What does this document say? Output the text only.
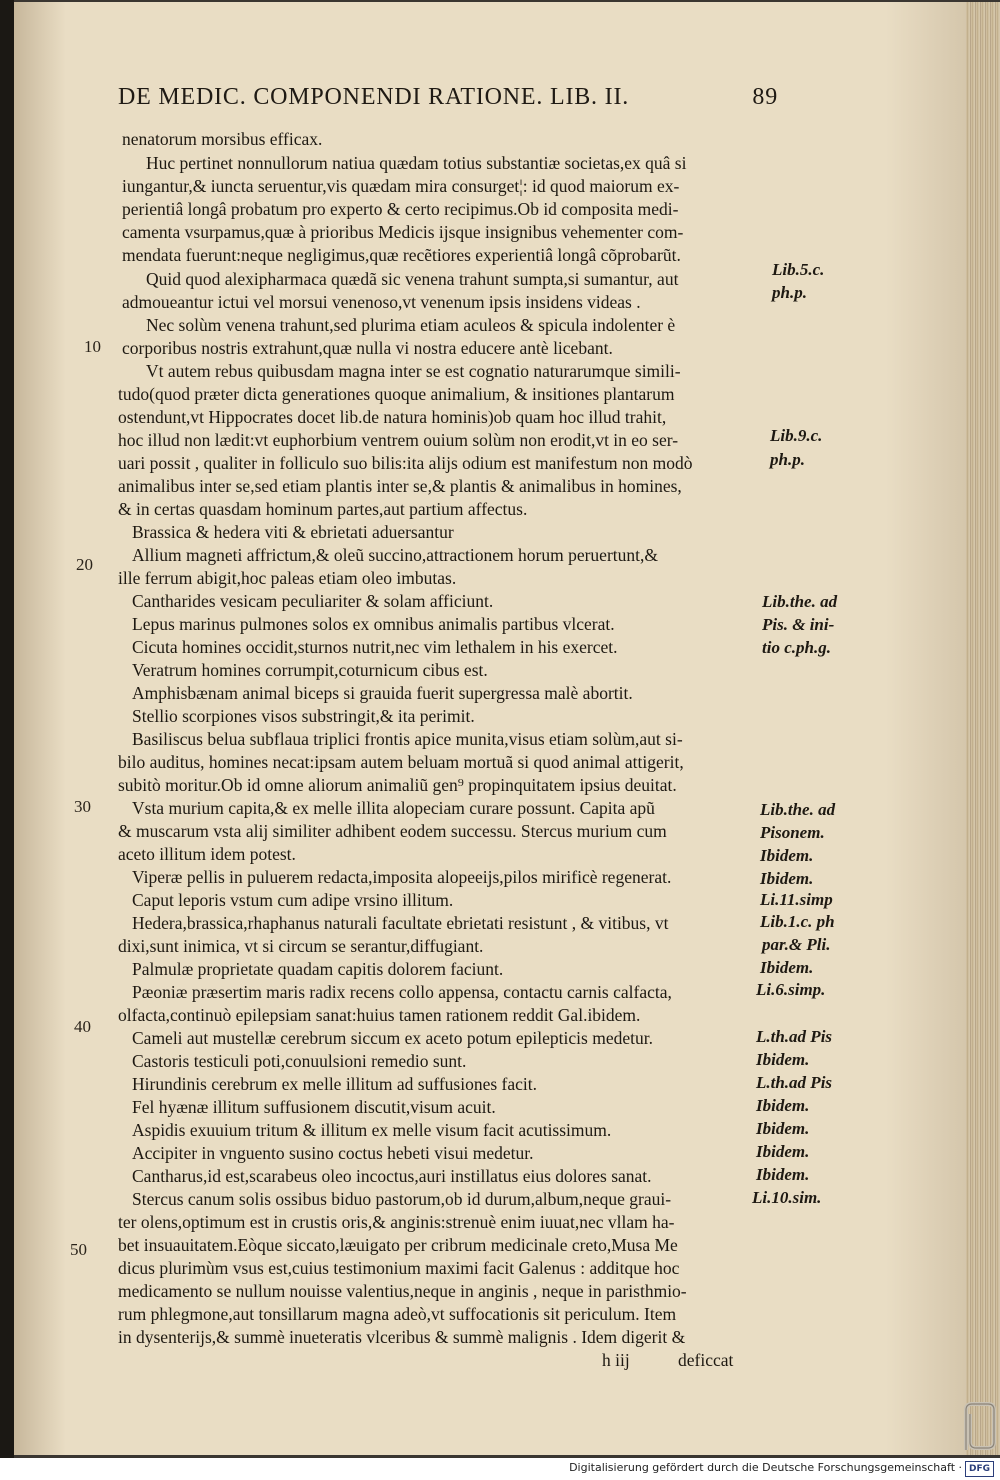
DE MEDIC. COMPONENDI RATIONE. LIB. II.	89
nenatorum morsibus efficax.
Huc pertinet nonnullorum natiua quædam totius substantiæ societas,ex quâ si
iungantur,& iuncta seruentur,vis quædam mira consurget¦: id quod maiorum ex-
perientiâ longâ probatum pro experto & certo recipimus.Ob id composita medi-
camenta vsurpamus,quæ à prioribus Medicis ijsque insignibus vehementer com-
mendata fuerunt:neque negligimus,quæ recẽtiores experientiâ longâ cõprobarũt.
Quid quod alexipharmaca quædã sic venena trahunt sumpta,si sumantur, aut
admoueantur ictui vel morsui venenoso,vt venenum ipsis insidens videas .
Nec solùm venena trahunt,sed plurima etiam aculeos & spicula indolenter è
corporibus nostris extrahunt,quæ nulla vi nostra educere antè licebant.
Vt autem rebus quibusdam magna inter se est cognatio naturarumque simili-
tudo(quod præter dicta generationes quoque animalium, & insitiones plantarum
ostendunt,vt Hippocrates docet lib.de natura hominis)ob quam hoc illud trahit,
hoc illud non lædit:vt euphorbium ventrem ouium solùm non erodit,vt in eo ser-
uari possit , qualiter in folliculo suo bilis:ita alijs odium est manifestum non modò
animalibus inter se,sed etiam plantis inter se,& plantis & animalibus in homines,
& in certas quasdam hominum partes,aut partium affectus.
Brassica & hedera viti & ebrietati aduersantur
Allium magneti affrictum,& oleũ succino,attractionem horum peruertunt,&
ille ferrum abigit,hoc paleas etiam oleo imbutas.
Cantharides vesicam peculiariter & solam afficiunt.
Lepus marinus pulmones solos ex omnibus animalis partibus vlcerat.
Cicuta homines occidit,sturnos nutrit,nec vim lethalem in his exercet.
Veratrum homines corrumpit,coturnicum cibus est.
Amphisbænam animal biceps si grauida fuerit supergressa malè abortit.
Stellio scorpiones visos substringit,& ita perimit.
Basiliscus belua subflaua triplici frontis apice munita,visus etiam solùm,aut si-
bilo auditus, homines necat:ipsam autem beluam mortuã si quod animal attigerit,
subitò moritur.Ob id omne aliorum animaliũ gen⁹ propinquitatem ipsius deuitat.
Vsta murium capita,& ex melle illita alopeciam curare possunt. Capita apũ
& muscarum vsta alij similiter adhibent eodem successu. Stercus murium cum
aceto illitum idem potest.
Viperæ pellis in puluerem redacta,imposita alopeeijs,pilos mirificè regenerat.
Caput leporis vstum cum adipe vrsino illitum.
Hedera,brassica,rhaphanus naturali facultate ebrietati resistunt , & vitibus, vt
dixi,sunt inimica, vt si circum se serantur,diffugiant.
Palmulæ proprietate quadam capitis dolorem faciunt.
Pæoniæ præsertim maris radix recens collo appensa, contactu carnis calfacta,
olfacta,continuò epilepsiam sanat:huius tamen rationem reddit Gal.ibidem.
Cameli aut mustellæ cerebrum siccum ex aceto potum epilepticis medetur.
Castoris testiculi poti,conuulsioni remedio sunt.
Hirundinis cerebrum ex melle illitum ad suffusiones facit.
Fel hyænæ illitum suffusionem discutit,visum acuit.
Aspidis exuuium tritum & illitum ex melle visum facit acutissimum.
Accipiter in vnguento susino coctus hebeti visui medetur.
Cantharus,id est,scarabeus oleo incoctus,auri instillatus eius dolores sanat.
Stercus canum solis ossibus biduo pastorum,ob id durum,album,neque graui-
ter olens,optimum est in crustis oris,& anginis:strenuè enim iuuat,nec vllam ha-
bet insuauitatem.Eòque siccato,læuigato per cribrum medicinale creto,Musa Me
dicus plurimùm vsus est,cuius testimonium maximi facit Galenus : additque hoc
medicamento se nullum nouisse valentius,neque in anginis , neque in paristhmio-
rum phlegmone,aut tonsillarum magna adeò,vt suffocationis sit periculum. Item
in dysenterijs,& summè inueteratis vlceribus & summè malignis . Idem digerit &
10
20
30
40
50
Lib.5.c.
ph.p.
Lib.9.c.
ph.p.
Lib.the. ad
Pis. & ini-
tio c.ph.g.
Lib.the. ad
Pisonem.
Ibidem.
Ibidem.
Li.11.simp
Lib.1.c. ph
par.& Pli.
Ibidem.
Li.6.simp.
L.th.ad Pis
Ibidem.
L.th.ad Pis
Ibidem.
Ibidem.
Ibidem.
Ibidem.
Li.10.sim.
h iij	deficcat
Digitalisierung gefördert durch die Deutsche Forschungsgemeinschaft · DFG
